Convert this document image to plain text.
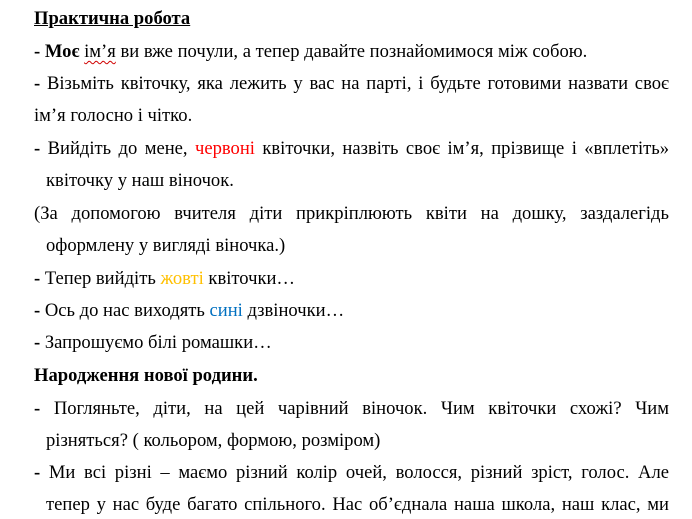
Практична робота
- Моє ім’я ви вже почули, а тепер давайте познайомимося між собою.
- Візьміть квіточку, яка лежить у вас на парті, і будьте готовими назвати своє
ім’я голосно і чітко.
- Вийдіть до мене, червоні квіточки, назвіть своє ім’я, прізвище і «вплетіть»
квіточку у наш віночок.
(За допомогою вчителя діти прикріплюють квіти на дошку, заздалегідь
оформлену у вигляді віночка.)
- Тепер вийдіть жовті квіточки…
- Ось до нас виходять сині дзвіночки…
- Запрошуємо білі ромашки…
Народження нової родини.
- Погляньте, діти, на цей чарівний віночок. Чим квіточки схожі? Чим
різняться? ( кольором, формою, розміром)
- Ми всі різні – маємо різний колір очей, волосся, різний зріст, голос. Але
тепер у нас буде багато спільного. Нас об’єднала наша школа, наш клас, ми
